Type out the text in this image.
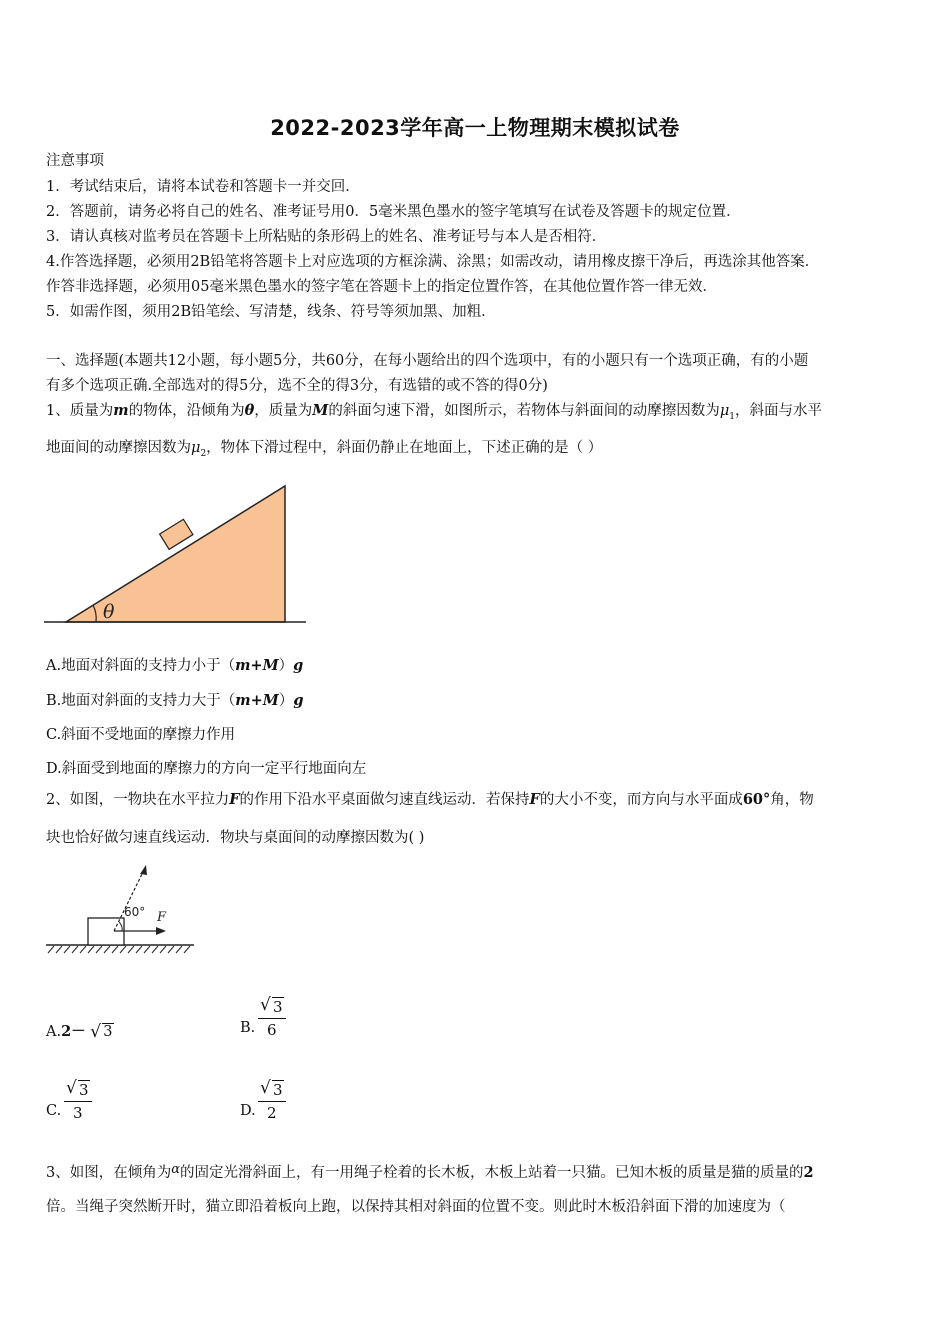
2022-2023学年高一上物理期末模拟试卷
注意事项
1．考试结束后，请将本试卷和答题卡一并交回．
2．答题前，请务必将自己的姓名、准考证号用0．5毫米黑色墨水的签字笔填写在试卷及答题卡的规定位置．
3．请认真核对监考员在答题卡上所粘贴的条形码上的姓名、准考证号与本人是否相符．
4.作答选择题，必须用2B铅笔将答题卡上对应选项的方框涂满、涂黑；如需改动，请用橡皮擦干净后，再选涂其他答案．
作答非选择题，必须用05毫米黑色墨水的签字笔在答题卡上的指定位置作答，在其他位置作答一律无效．
5．如需作图，须用2B铅笔绘、写清楚，线条、符号等须加黑、加粗．
一、选择题(本题共12小题，每小题5分，共60分，在每小题给出的四个选项中，有的小题只有一个选项正确，有的小题
有多个选项正确.全部选对的得5分，选不全的得3分，有选错的或不答的得0分)
1、质量为m的物体，沿倾角为θ，质量为M的斜面匀速下滑，如图所示，若物体与斜面间的动摩擦因数为$\mu_1$，斜面与水平
地面间的动摩擦因数为$\mu_2$，物体下滑过程中，斜面仍静止在地面上，下述正确的是（ ）
θ
A.地面对斜面的支持力小于（m+M）g
B.地面对斜面的支持力大于（m+M）g
C.斜面不受地面的摩擦力作用
D.斜面受到地面的摩擦力的方向一定平行地面向左
2、如图，一物块在水平拉力F的作用下沿水平桌面做匀速直线运动．若保持F的大小不变，而方向与水平面成60°角，物
块也恰好做匀速直线运动．物块与桌面间的动摩擦因数为( )
60° F
A.2－ √ 3	B. $\frac{√ 3}{6}$
C. $\frac{√ 3}{3}$	D. $\frac{√ 3}{2}$
3、如图，在倾角为α的固定光滑斜面上，有一用绳子栓着的长木板，木板上站着一只猫。已知木板的质量是猫的质量的2
倍。当绳子突然断开时，猫立即沿着板向上跑，以保持其相对斜面的位置不变。则此时木板沿斜面下滑的加速度为（
